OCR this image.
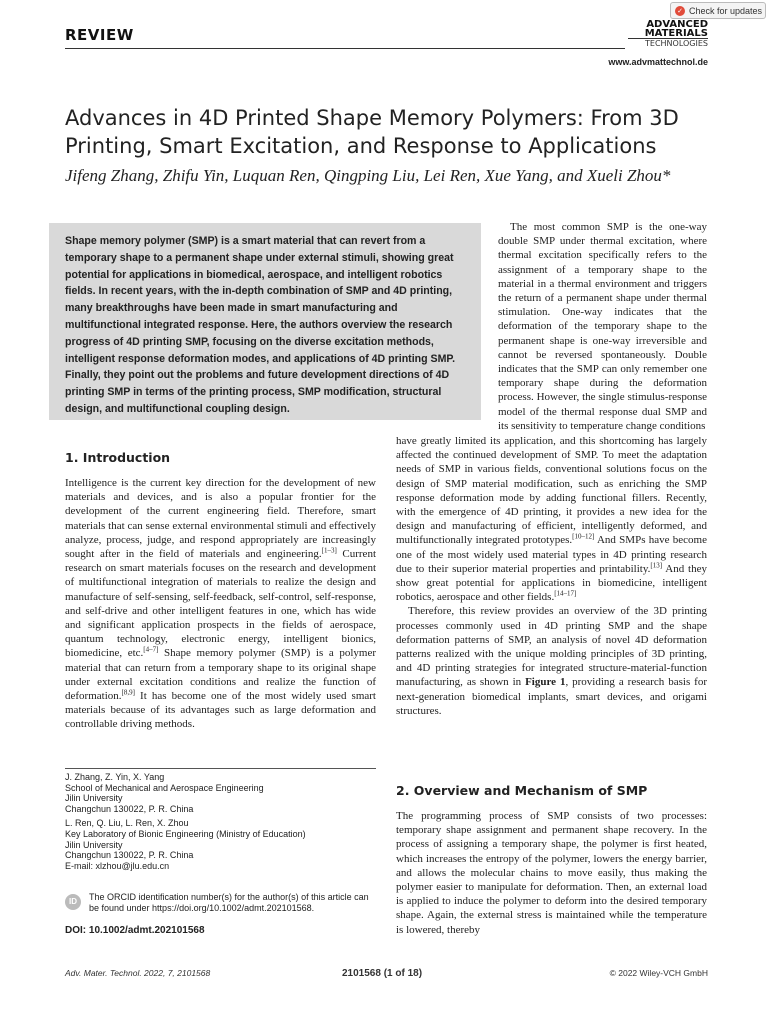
REVIEW
✓ Check for updates
ADVANCED
MATERIALS
TECHNOLOGIES
www.advmattechnol.de
Advances in 4D Printed Shape Memory Polymers: From 3D Printing, Smart Excitation, and Response to Applications
Jifeng Zhang, Zhifu Yin, Luquan Ren, Qingping Liu, Lei Ren, Xue Yang, and Xueli Zhou*

Shape memory polymer (SMP) is a smart material that can revert from a temporary shape to a permanent shape under external stimuli, showing great potential for applications in biomedical, aerospace, and intelligent robotics fields. In recent years, with the in-depth combination of SMP and 4D printing, many breakthroughs have been made in smart manufacturing and multifunctional integrated response. Here, the authors overview the research progress of 4D printing SMP, focusing on the diverse excitation methods, intelligent response deformation modes, and applications of 4D printing SMP. Finally, they point out the problems and future development directions of 4D printing SMP in terms of the printing process, SMP modification, structural design, and multifunctional coupling design.

The most common SMP is the one-way double SMP under thermal excitation, where thermal excitation specifically refers to the assignment of a temporary shape to the material in a thermal environment and triggers the return of a permanent shape under thermal stimulation. One-way indicates that the deformation of the temporary shape to the permanent shape is one-way irreversible and cannot be reversed spontaneously. Double indicates that the SMP can only remember one temporary shape during the deformation process. However, the single stimulus-response model of the thermal response dual SMP and its sensitivity to temperature change conditions

have greatly limited its application, and this shortcoming has largely affected the continued development of SMP. To meet the adaptation needs of SMP in various fields, conventional solutions focus on the design of SMP material modification, such as enriching the SMP response deformation mode by adding functional fillers. Recently, with the emergence of 4D printing, it provides a new idea for the design and manufacturing of efficient, intelligently deformed, and multifunctionally integrated prototypes.[10–12] And SMPs have become one of the most widely used material types in 4D printing research due to their superior material properties and printability.[13] And they show great potential for applications in biomedicine, intelligent robotics, aerospace and other fields.[14–17]

Therefore, this review provides an overview of the 3D printing processes commonly used in 4D printing SMP and the shape deformation patterns of SMP, an analysis of novel 4D deformation patterns realized with the unique molding principles of 3D printing, and 4D printing strategies for integrated structure-material-function manufacturing, as shown in Figure 1, providing a research basis for next-generation biomedical implants, smart devices, and origami structures.

1. Introduction

Intelligence is the current key direction for the development of new materials and devices, and is also a popular frontier for the development of the current engineering field. Therefore, smart materials that can sense external environmental stimuli and effectively analyze, process, judge, and respond appropriately are increasingly sought after in the field of materials and engineering.[1–3] Current research on smart materials focuses on the research and development of multifunctional integration of materials to realize the design and manufacture of self-sensing, self-feedback, self-control, self-response, and self-drive and other intelligent features in one, which has wide and significant application prospects in the fields of aerospace, quantum technology, electronic energy, intelligent bionics, biomedicine, etc.[4–7] Shape memory polymer (SMP) is a polymer material that can return from a temporary shape to its original shape under external excitation conditions and realize the function of deformation.[8,9] It has become one of the most widely used smart materials because of its advantages such as large deformation and controllable driving methods.

J. Zhang, Z. Yin, X. Yang
School of Mechanical and Aerospace Engineering
Jilin University
Changchun 130022, P. R. China
L. Ren, Q. Liu, L. Ren, X. Zhou
Key Laboratory of Bionic Engineering (Ministry of Education)
Jilin University
Changchun 130022, P. R. China
E-mail: xlzhou@jlu.edu.cn
ID	The ORCID identification number(s) for the author(s) of this article can be found under https://doi.org/10.1002/admt.202101568.
DOI: 10.1002/admt.202101568
2. Overview and Mechanism of SMP

The programming process of SMP consists of two processes: temporary shape assignment and permanent shape recovery. In the process of assigning a temporary shape, the polymer is first heated, which increases the entropy of the polymer, lowers the energy barrier, and allows the molecular chains to move easily, thus making the polymer easier to manipulate for deformation. Then, an external load is applied to induce the polymer to deform into the desired temporary shape. Again, the external stress is maintained while the temperature is lowered, thereby

Adv. Mater. Technol. 2022, 7, 2101568	2101568 (1 of 18)	© 2022 Wiley-VCH GmbH
